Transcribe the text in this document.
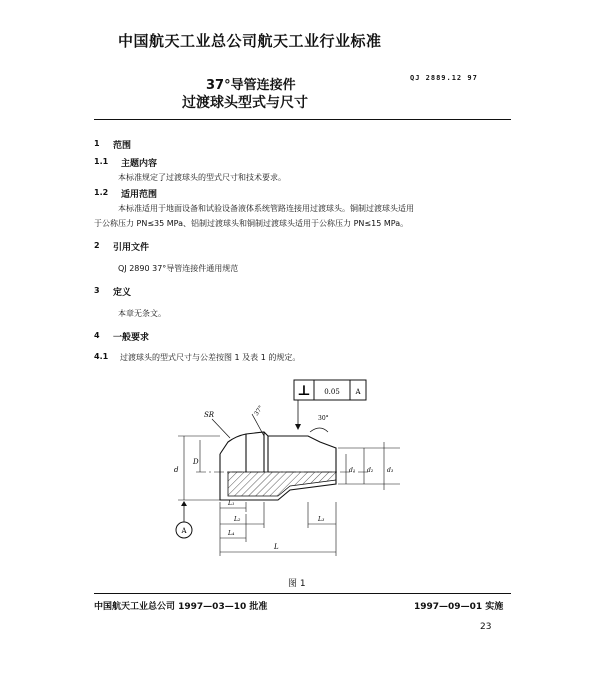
中国航天工业总公司航天工业行业标准
37°导管连接件
过渡球头型式与尺寸
QJ 2889.12 97
1 范围
1.1 主题内容
本标准规定了过渡球头的型式尺寸和技术要求。
1.2 适用范围
本标准适用于地面设备和试验设备液体系统管路连接用过渡球头。铜制过渡球头适用
于公称压力 PN≤35 MPa、铝制过渡球头和铜制过渡球头适用于公称压力 PN≤15 MPa。
2 引用文件
QJ 2890 37°导管连接件通用规范
3 定义
本章无条文。
4 一般要求
4.1 过渡球头的型式尺寸与公差按图 1 及表 1 的规定。
⊥ 0.05 A
SR	37°
30°
d
D
d₁ d₂ d₃
L₁
L₂	L₃
L₄
L
A
图 1
中国航天工业总公司 1997—03—10 批准	1997—09—01 实施
23
